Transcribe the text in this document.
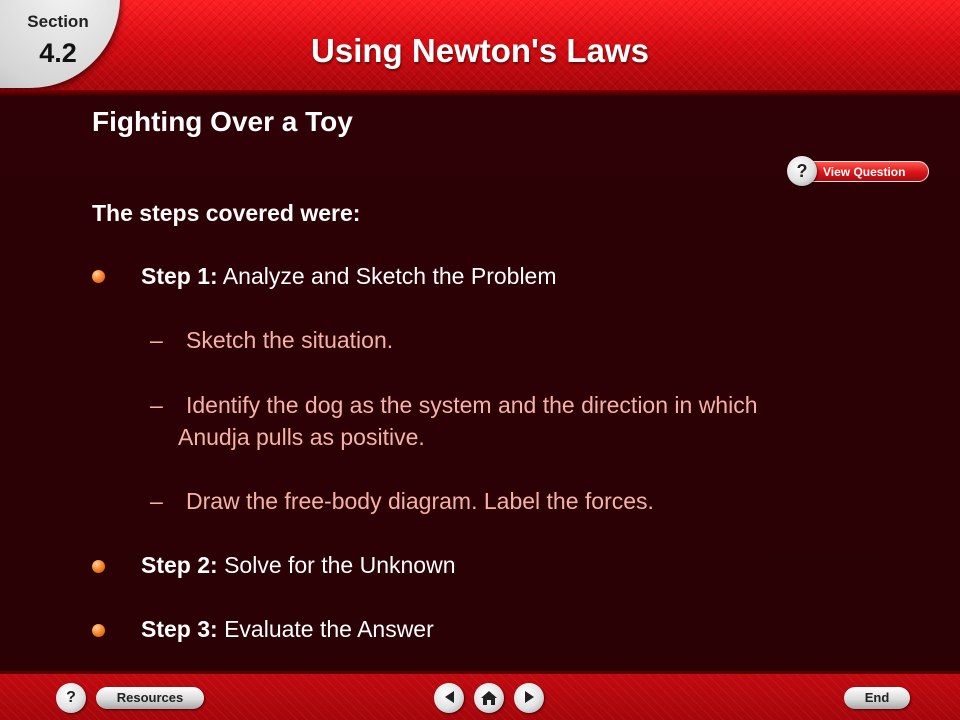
Section
4.2	Using Newton's Laws
Fighting Over a Toy
View Question
?
The steps covered were:
Step 1: Analyze and Sketch the Problem
– Sketch the situation.
– Identify the dog as the system and the direction in which
Anudja pulls as positive.
– Draw the free-body diagram. Label the forces.
Step 2: Solve for the Unknown
Step 3: Evaluate the Answer
?	Resources	End
